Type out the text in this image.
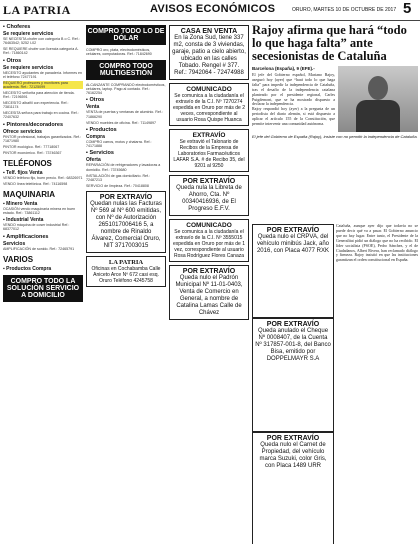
LA PATRIA	AVISOS ECONÓMICOS	ORURO, MARTES 10 DE OCTUBRE DE 2017 5
▪ Choferes
Se requiere servicios
SE NECESITA chofer con categoría B o C. Ref.: 76463542; 5252 I-02
SE REQUIERE chofer con licencia categoría A. Ref.: 71860142
▪ Otros
Se requiere servicios
NECESITO ayudantes de panadería. Informes en el teléfono 72477191
REQUIERO profesores y monitores para academia. Ref.: 72125099
NECESITO señorita para atención de tienda. Ref.: 72196591
NECESITO albañil con experiencia. Ref.: 73811174
NECESITA señora para trabajo en cocina. Ref.: 72407632
▪ Pintores/decoradores
Ofrece servicios
PINTOR profesional, trabajos garantizados. Ref.: 71871980
PINTOR ecológico. Ref.: 77718067
PINTOR económico. Ref.: 73746367
TELÉFONOS
▪ Telf. fijos Venta
VENDO teléfono fijo, buen precio. Ref.: 68326971
VENDO línea telefónica. Ref.: 74116598
MAQUINARIA
▪ Minero Venta
OCASIÓN vendo maquinaria minera en buen estado. Ref.: 73861112
▪ Industrial Venta
VENDO máquina de coser industrial Ref.: 68377012
▪ Amplificaciones
Servicios
AMPLIFICACIÓN de sonido. Ref.: 72465791
VARIOS
▪ Productos Compra
COMPRO TODO LA SOLUCIÓN SERVICIO A DOMICILIO
COMPRO TODO LO DE DÓLAR
COMPRO oro, plata, electrodomésticos, celulares, computadoras. Ref.: 71842690
COMPRO TODO MULTIGESTIÓN
ALCANZANTE COMPRANDO electrodomésticos, celulares, laptop. Pago al contado. Ref.: 76162254
▪ Otros
Venta
VENTA de puertas y ventanas de aluminio. Ref.: 71866290
VENDO muebles de oficina. Ref.: 71149897
▪ Productos
Compra
COMPRO carros, motos y chatarra. Ref.: 74171888
▪ Servicios
Oferta
REPARACIÓN de refrigeradores y lavadoras a domicilio. Ref.: 73745680
INSTALACIÓN de gas domiciliario. Ref.: 72487213
SERVICIO de limpieza. Ref.: 70418808
POR EXTRAVÍO
Quedan nulas las Facturas Nº 569 al Nº 600 emitidas, con Nº de Autorización 2651017006416 5, a nombre de Rinaldo Álvarez, Comercial Oruro, NIT 3717003015
LA PATRIA
Oficinas en Cochabamba Calle Aniceto Arce Nº 672 casi esq. Oruro Teléfono 4245758
CASA EN VENTA
En la Zona Sud, tiene 337 m2, consta de 3 viviendas, garaje, patio a cielo abierto, ubicado en las calles Tobado. Rengel # 377. Ref.: 7942064 - 72474988
COMUNICADO
Se comunica a la ciudadanía el extravío de la C.I. Nº 7270274 expedida en Oruro por más de 2 veces, correspondiente al usuario Rosa Quispe Huanca
EXTRAVÍO
Se extravió el Talonario de Recibos de la Empresa de Laboratorios Farmacéuticos LAFAR S.A. # de Recibo 35, del 9201 al 9250
POR EXTRAVÍO
Queda nula la Libreta de Ahorro, Cta. Nº 00340416936, de El Progreso E.F.V.
COMUNICADO
Se comunica a la ciudadanía el extravío de la C.I. Nº 3555015 expedida en Oruro por más de 1 vez, correspondiente al usuario Rosa Rodríguez Flores Canaza
POR EXTRAVÍO
Queda nulo el Padrón Municipal Nº 11-01-0403, Venta de Comercio en General, a nombre de Catalina Lamas Calle de Chávez
Rajoy afirma que hará “todo lo que haga falta” ante secesionistas de Cataluña
Barcelona (España), 9 (EFE).-
El jefe del Gobierno español, Mariano Rajoy, aseguró hoy (ayer) que “hará todo lo que haga falta” para impedir la independencia de Cataluña, tras el desafío de la independencia catalana planteado por el presidente regional, Carles Puigdemont, que se ha mostrado dispuesto a declarar la independencia.
Rajoy respondió hoy (ayer) a la pregunta de un periodista del diario alemán, si está dispuesto a aplicar el artículo 155 de la Constitución, que permite intervenir una comunidad autónoma.
El jefe del Gobierno de España (Rajoy), insiste con no permitir la independencia de Cataluña.
POR EXTRAVÍO
Queda nulo el CRPVA, del vehículo minibús Jack, año 2016, con Placa 4077 RXK
POR EXTRAVÍO
Queda anulado el Cheque Nº 0008407, de la Cuenta Nº 317857-001-8, del Banco Bisa, emitido por DOPPELMAYR S.A
POR EXTRAVÍO
Queda nulo el Carnet de Propiedad, del vehículo marca Suzuki, color Gris, con Placa 1489 URR
Cataluña, aunque ayer dijo que todavía no se puede decir qué va a pasar. El Gobierno anuncio que no hay lugar. Entre tanto, el Presidente de la Generalitat pidió un diálogo que no ha recibido. El líder socialista (PSOE), Pedro Sánchez, y el de Ciudadanos, Albert Rivera, han reclamado diálogo y firmeza. Rajoy insistió en que las instituciones garantizan el orden constitucional en España.
